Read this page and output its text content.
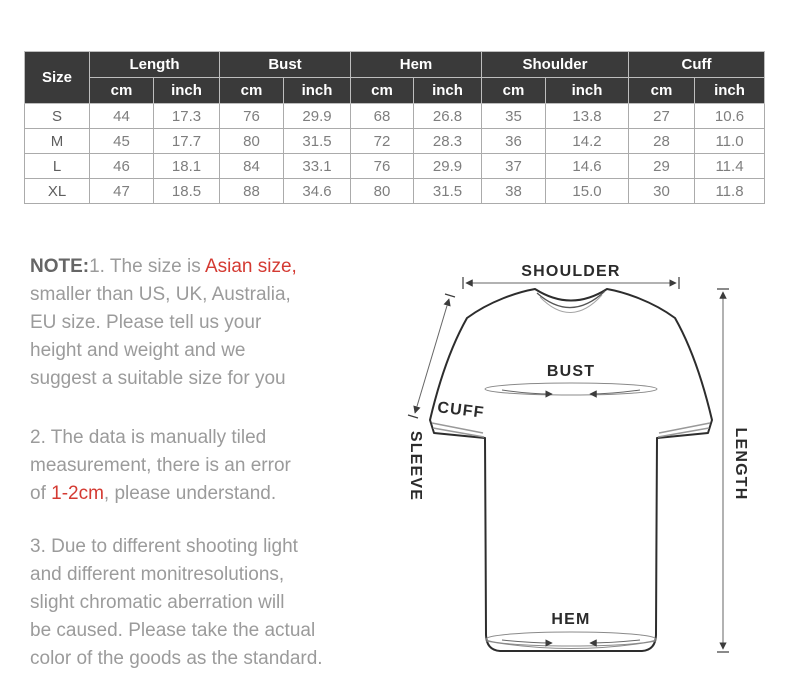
Size	Length		Bust		Hem		Shoulder		Cuff	
	cm	inch	cm	inch	cm	inch	cm	inch	cm	inch
S	44	17.3	76	29.9	68	26.8	35	13.8	27	10.6
M	45	17.7	80	31.5	72	28.3	36	14.2	28	11.0
L	46	18.1	84	33.1	76	29.9	37	14.6	29	11.4
XL	47	18.5	88	34.6	80	31.5	38	15.0	30	11.8
NOTE:1. The size is Asian size,
smaller than US, UK, Australia,
EU size. Please tell us your
height and weight and we
suggest a suitable size for you
2. The data is manually tiled
measurement, there is an error
of 1-2cm, please understand.
3. Due to different shooting light
and different monitresolutions,
slight chromatic aberration will
be caused. Please take the actual
color of the goods as the standard.
SHOULDER
BUST
CUFF
SLEEVE	LENGTH
HEM
